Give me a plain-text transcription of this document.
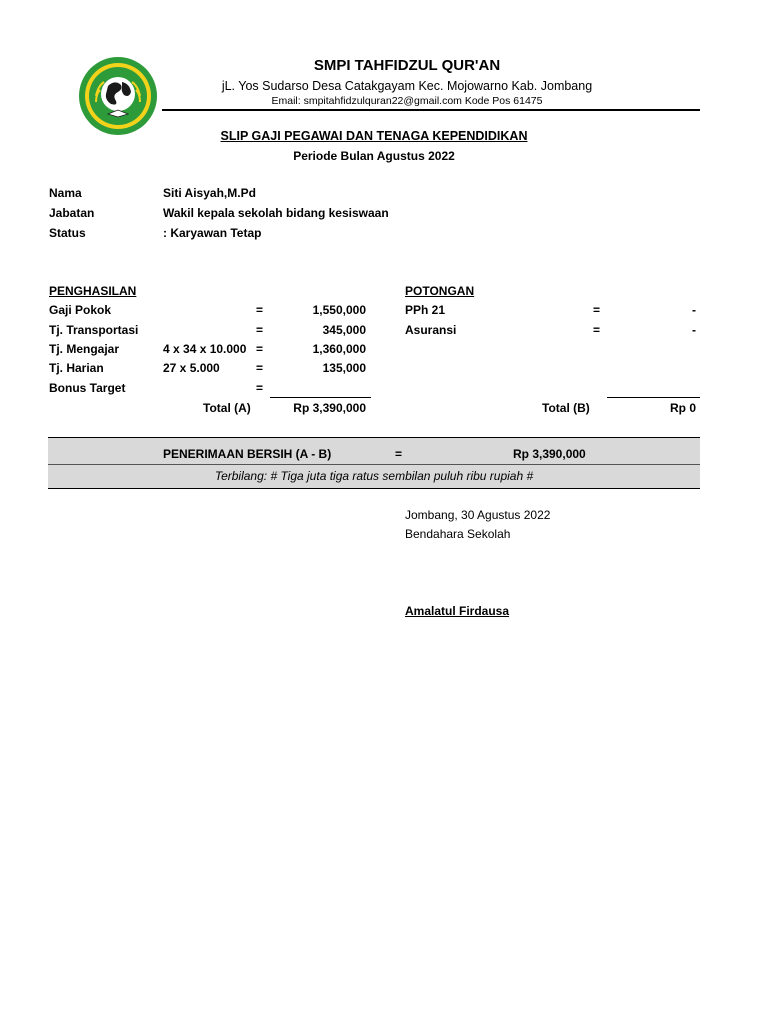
SMPI TAHFIDZUL QUR'AN
jL. Yos Sudarso Desa Catakgayam Kec. Mojowarno Kab. Jombang
Email: smpitahfidzulquran22@gmail.com Kode Pos 61475
SLIP GAJI PEGAWAI DAN TENAGA KEPENDIDIKAN
Periode Bulan Agustus 2022
Nama	Siti Aisyah,M.Pd
Jabatan	Wakil kepala sekolah bidang kesiswaan
Status	: Karyawan Tetap
PENGHASILAN
Gaji Pokok	=	1,550,000
Tj. Transportasi	=	345,000
Tj. Mengajar	4 x 34 x 10.000 =	1,360,000
Tj. Harian	27 x 5.000	=	135,000
Bonus Target	=
Total (A)	Rp 3,390,000
POTONGAN
PPh 21	=	-
Asuransi	=	-
Total (B)	Rp 0
PENERIMAAN BERSIH (A - B)	=	Rp 3,390,000
Terbilang: # Tiga juta tiga ratus sembilan puluh ribu rupiah #
Jombang, 30 Agustus 2022
Bendahara Sekolah
Amalatul Firdausa
